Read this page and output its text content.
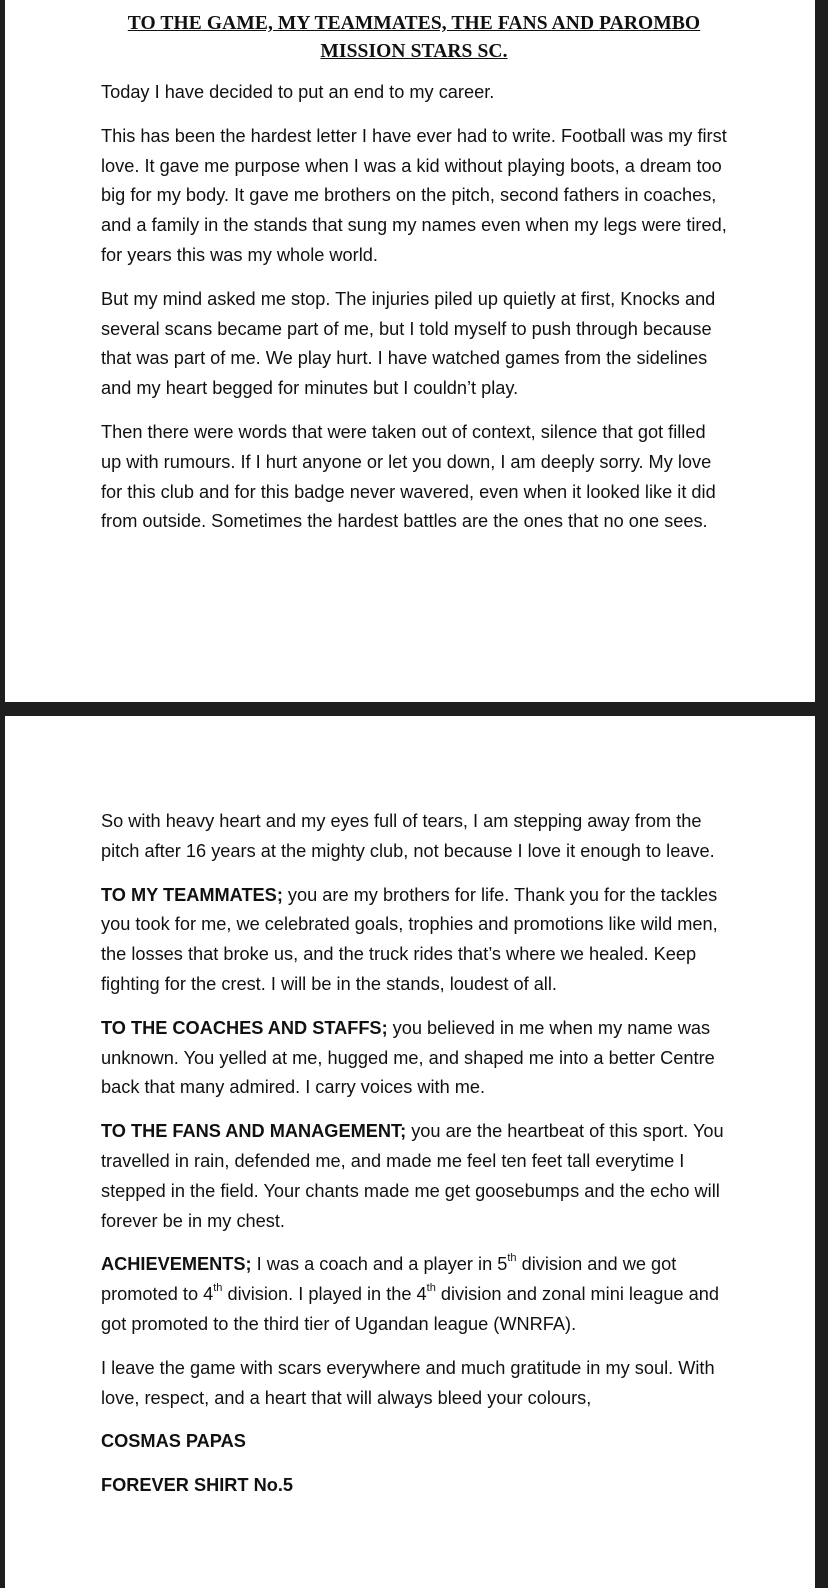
TO THE GAME, MY TEAMMATES, THE FANS AND PAROMBO
MISSION STARS SC.

Today I have decided to put an end to my career.

This has been the hardest letter I have ever had to write. Football was my first love. It gave me purpose when I was a kid without playing boots, a dream too big for my body. It gave me brothers on the pitch, second fathers in coaches, and a family in the stands that sung my names even when my legs were tired, for years this was my whole world.

But my mind asked me stop. The injuries piled up quietly at first, Knocks and several scans became part of me, but I told myself to push through because that was part of me. We play hurt. I have watched games from the sidelines and my heart begged for minutes but I couldn’t play.

Then there were words that were taken out of context, silence that got filled up with rumours. If I hurt anyone or let you down, I am deeply sorry. My love for this club and for this badge never wavered, even when it looked like it did from outside. Sometimes the hardest battles are the ones that no one sees.

So with heavy heart and my eyes full of tears, I am stepping away from the pitch after 16 years at the mighty club, not because I love it enough to leave.

TO MY TEAMMATES; you are my brothers for life. Thank you for the tackles you took for me, we celebrated goals, trophies and promotions like wild men, the losses that broke us, and the truck rides that’s where we healed. Keep fighting for the crest. I will be in the stands, loudest of all.

TO THE COACHES AND STAFFS; you believed in me when my name was unknown. You yelled at me, hugged me, and shaped me into a better Centre back that many admired. I carry voices with me.

TO THE FANS AND MANAGEMENT; you are the heartbeat of this sport. You travelled in rain, defended me, and made me feel ten feet tall everytime I stepped in the field. Your chants made me get goosebumps and the echo will forever be in my chest.

ACHIEVEMENTS; I was a coach and a player in 5th division and we got promoted to 4th division. I played in the 4th division and zonal mini league and got promoted to the third tier of Ugandan league (WNRFA).

I leave the game with scars everywhere and much gratitude in my soul. With love, respect, and a heart that will always bleed your colours,

COSMAS PAPAS

FOREVER SHIRT No.5
